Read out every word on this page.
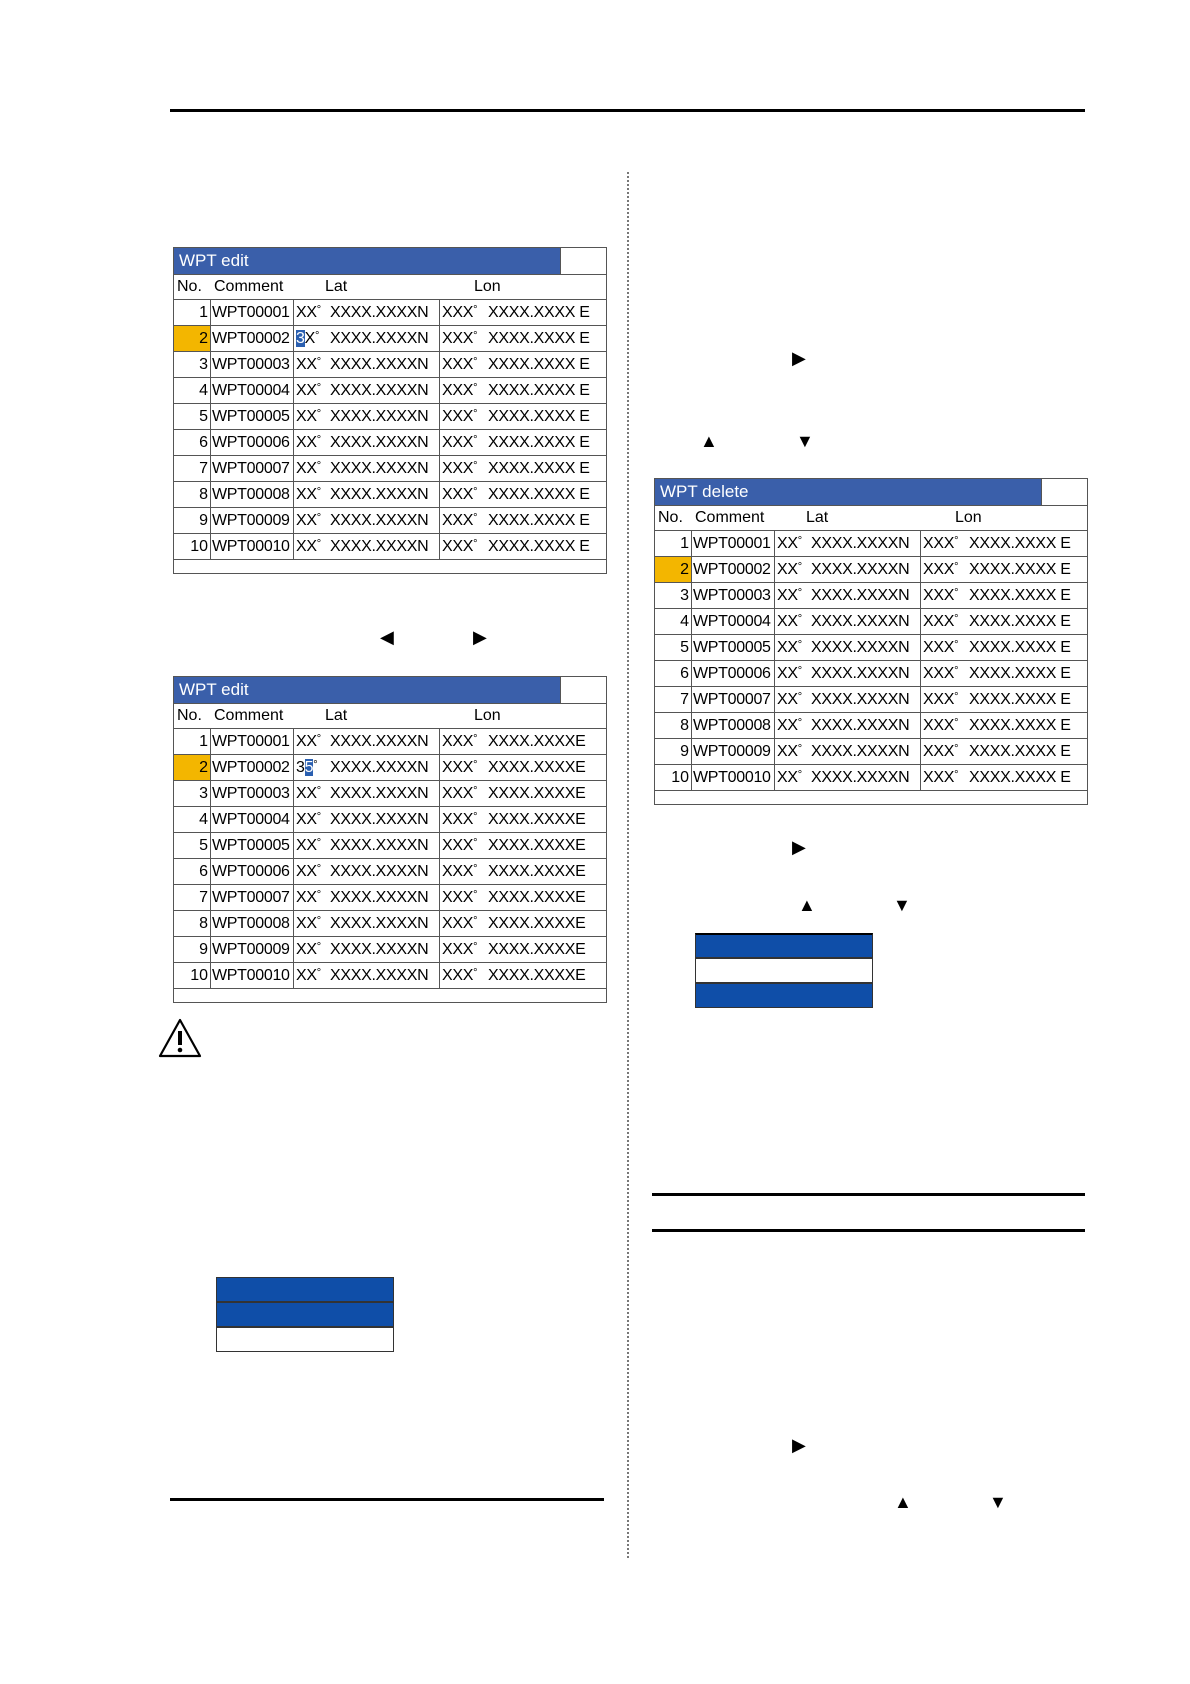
WPT edit
No. Comment	Lat	Lon
1 WPT00001 XX° XXXX.XXXXN XXX° XXXX.XXXX E
2 WPT00002 3X° XXXX.XXXXN XXX° XXXX.XXXX E
3 WPT00003 XX° XXXX.XXXXN XXX° XXXX.XXXX E
4 WPT00004 XX° XXXX.XXXXN XXX° XXXX.XXXX E
5 WPT00005 XX° XXXX.XXXXN XXX° XXXX.XXXX E
6 WPT00006 XX° XXXX.XXXXN XXX° XXXX.XXXX E
7 WPT00007 XX° XXXX.XXXXN XXX° XXXX.XXXX E
8 WPT00008 XX° XXXX.XXXXN XXX° XXXX.XXXX E
9 WPT00009 XX° XXXX.XXXXN XXX° XXXX.XXXX E
10 WPT00010 XX° XXXX.XXXXN XXX° XXXX.XXXX E
◀	▶
WPT edit
No. Comment	Lat	Lon
1 WPT00001 XX° XXXX.XXXXN XXX° XXXX.XXXXE
2 WPT00002 35° XXXX.XXXXN XXX° XXXX.XXXXE
3 WPT00003 XX° XXXX.XXXXN XXX° XXXX.XXXXE
4 WPT00004 XX° XXXX.XXXXN XXX° XXXX.XXXXE
5 WPT00005 XX° XXXX.XXXXN XXX° XXXX.XXXXE
6 WPT00006 XX° XXXX.XXXXN XXX° XXXX.XXXXE
7 WPT00007 XX° XXXX.XXXXN XXX° XXXX.XXXXE
8 WPT00008 XX° XXXX.XXXXN XXX° XXXX.XXXXE
9 WPT00009 XX° XXXX.XXXXN XXX° XXXX.XXXXE
10 WPT00010 XX° XXXX.XXXXN XXX° XXXX.XXXXE
▶
▲	▼
WPT delete
No. Comment	Lat	Lon
1 WPT00001 XX° XXXX.XXXXN XXX° XXXX.XXXX E
2 WPT00002 XX° XXXX.XXXXN XXX° XXXX.XXXX E
3 WPT00003 XX° XXXX.XXXXN XXX° XXXX.XXXX E
4 WPT00004 XX° XXXX.XXXXN XXX° XXXX.XXXX E
5 WPT00005 XX° XXXX.XXXXN XXX° XXXX.XXXX E
6 WPT00006 XX° XXXX.XXXXN XXX° XXXX.XXXX E
7 WPT00007 XX° XXXX.XXXXN XXX° XXXX.XXXX E
8 WPT00008 XX° XXXX.XXXXN XXX° XXXX.XXXX E
9 WPT00009 XX° XXXX.XXXXN XXX° XXXX.XXXX E
10 WPT00010 XX° XXXX.XXXXN XXX° XXXX.XXXX E
▶
▲	▼
▶
▲	▼
